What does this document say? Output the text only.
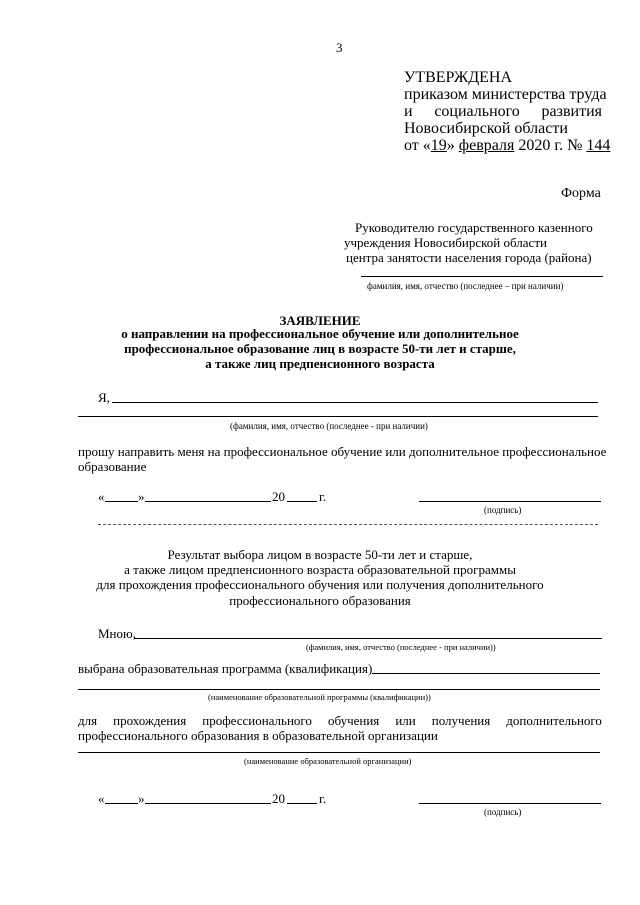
3
УТВЕРЖДЕНА
приказом министерства труда
и социального развития
Новосибирской области
от «19» февраля 2020 г. № 144
Форма
Руководителю государственного казенного
учреждения Новосибирской области
центра занятости населения города (района)
фамилия, имя, отчество (последнее – при наличии)
ЗАЯВЛЕНИЕ
о направлении на профессиональное обучение или дополнительное
профессиональное образование лиц в возрасте 50-ти лет и старше,
а также лиц предпенсионного возраста
Я,
(фамилия, имя, отчество (последнее - при наличии)
прошу направить меня на профессиональное обучение или дополнительное профессиональное
образование
«	»	20	г.
(подпись)
Результат выбора лицом в возрасте 50-ти лет и старше,
а также лицом предпенсионного возраста образовательной программы
для прохождения профессионального обучения или получения дополнительного
профессионального образования
Мною,
(фамилия, имя, отчество (последнее - при наличии))
выбрана образовательная программа (квалификация)
(наименование образовательной программы (квалификации))
для прохождения профессионального обучения или получения дополнительного
профессионального образования в образовательной организации
(наименование образовательной организации)
«	»	20	г.
(подпись)
